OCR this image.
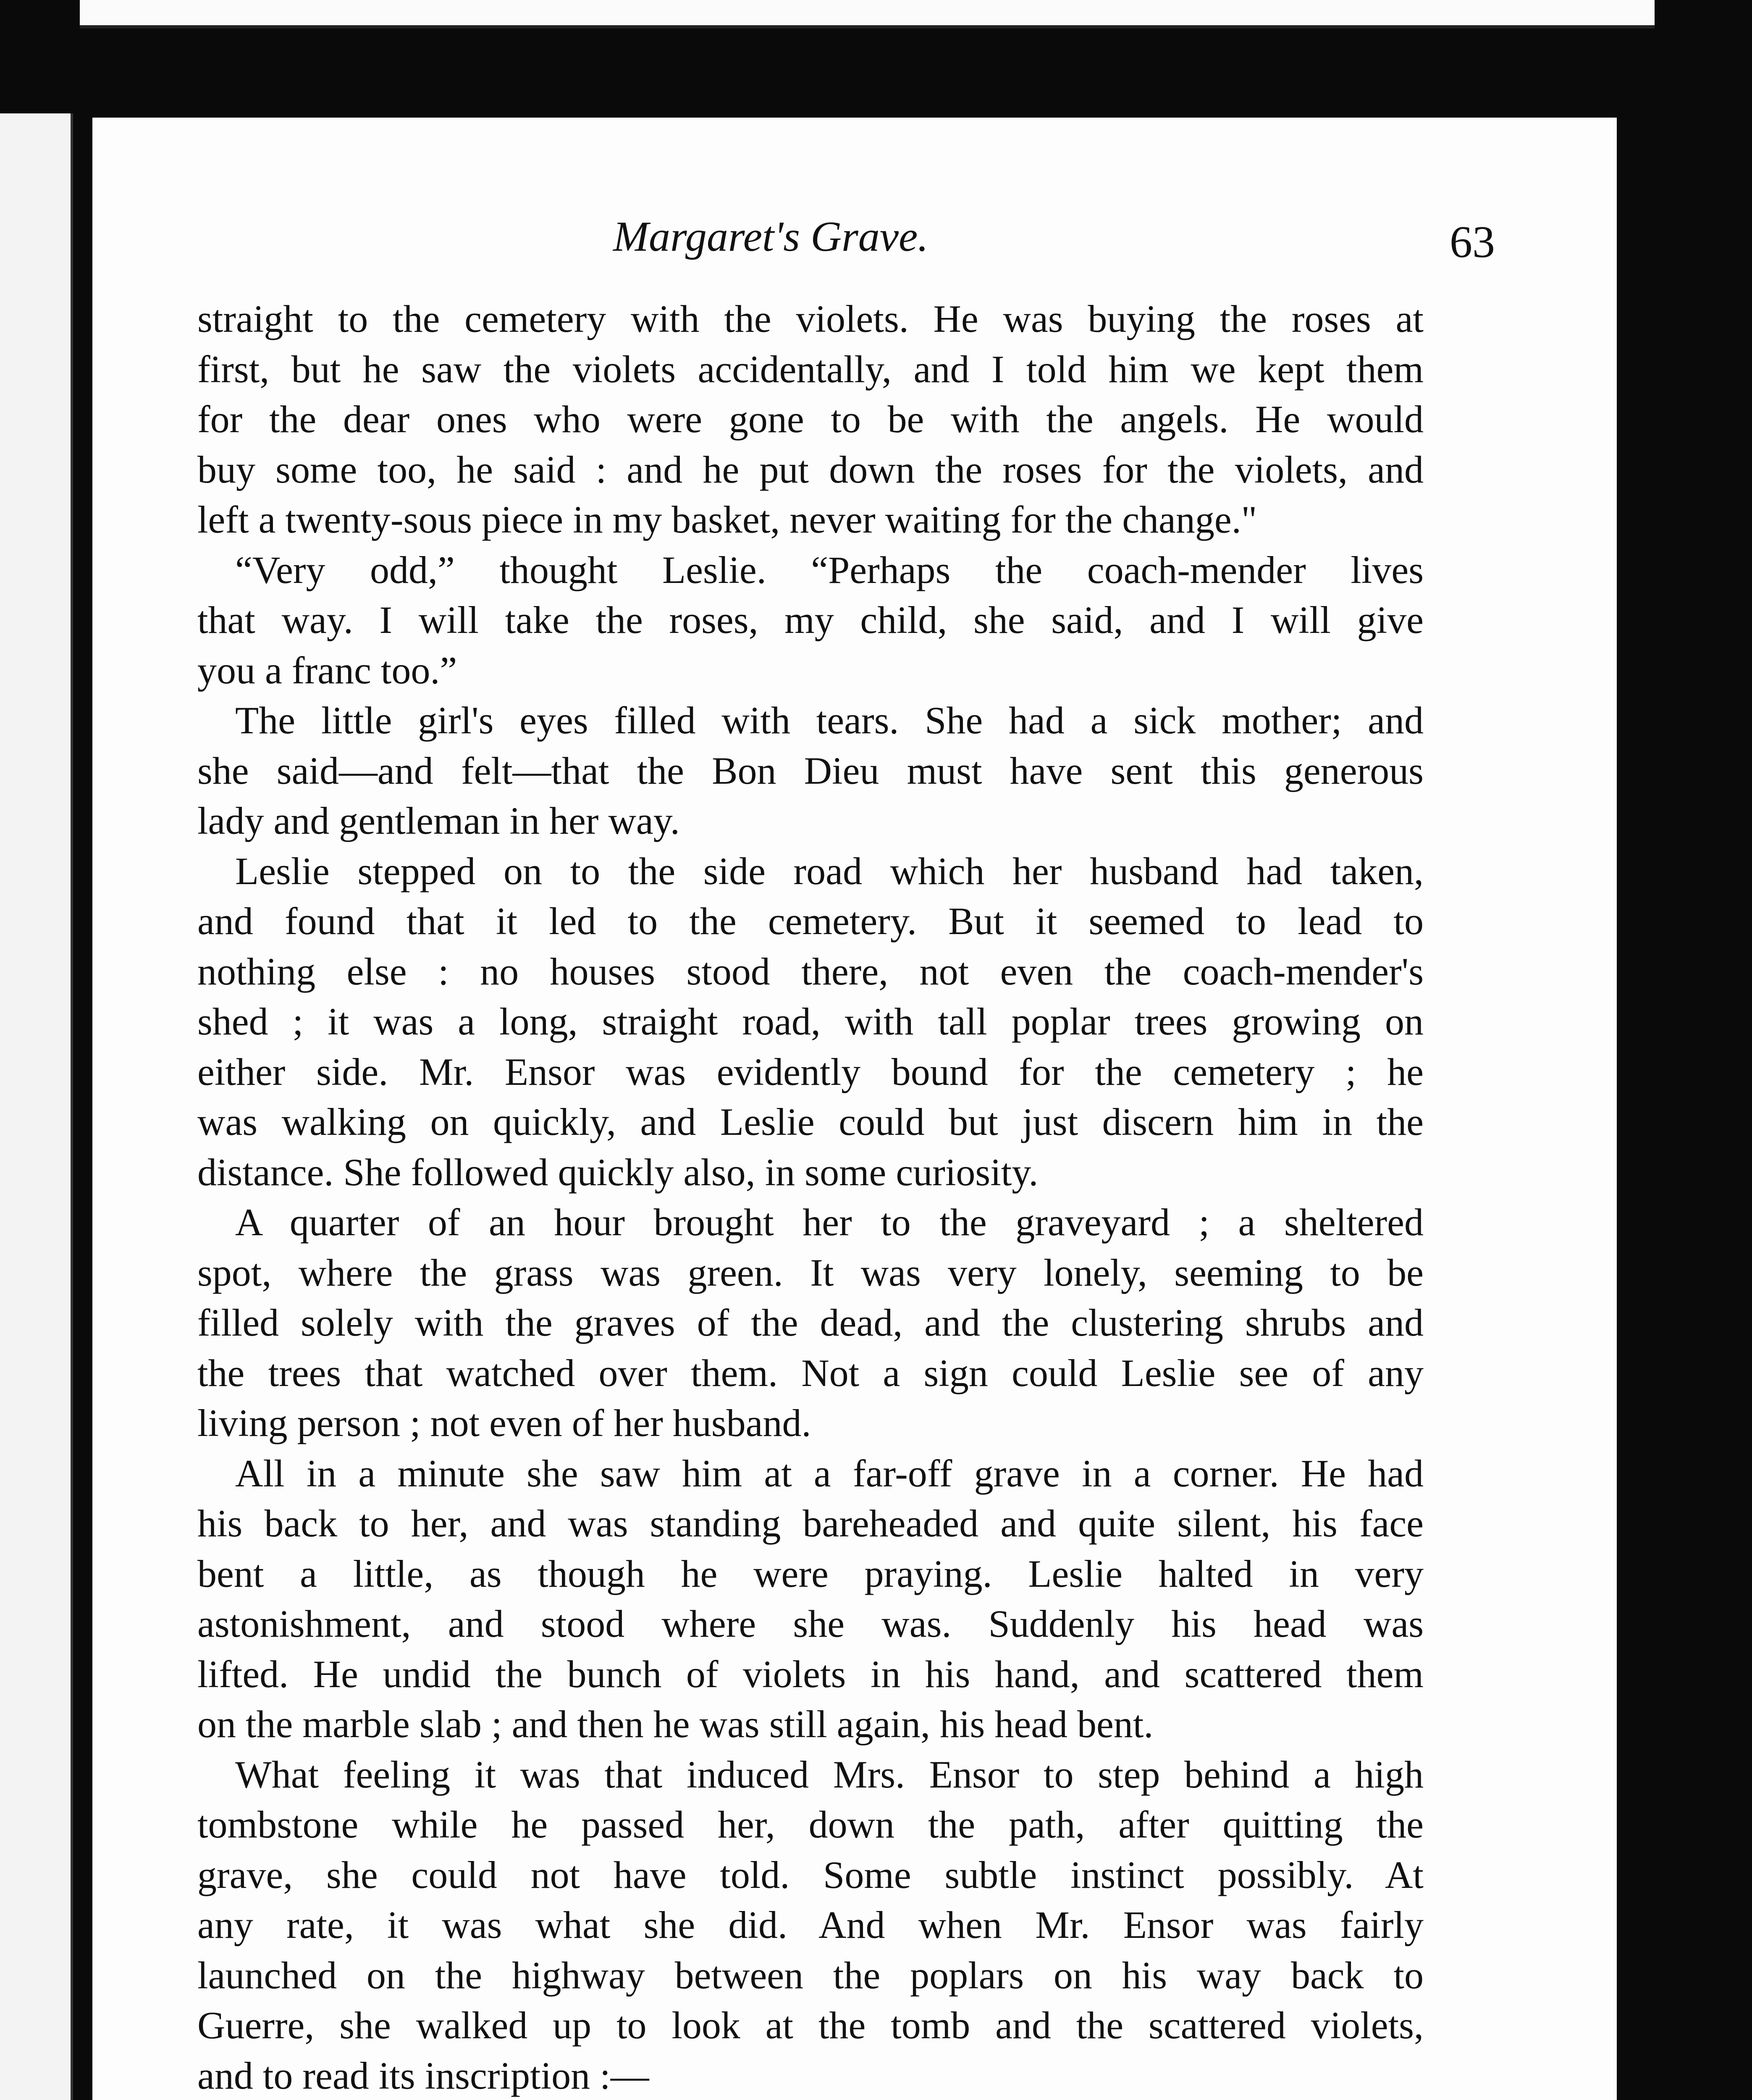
Margaret's Grave.	63
straight to the cemetery with the violets. He was buying the roses at
first, but he saw the violets accidentally, and I told him we kept them
for the dear ones who were gone to be with the angels. He would
buy some too, he said : and he put down the roses for the violets, and
left a twenty-sous piece in my basket, never waiting for the change."
“Very odd,” thought Leslie. “Perhaps the coach-mender lives
that way. I will take the roses, my child, she said, and I will give
you a franc too.”
The little girl's eyes filled with tears. She had a sick mother; and
she said—and felt—that the Bon Dieu must have sent this generous
lady and gentleman in her way.
Leslie stepped on to the side road which her husband had taken,
and found that it led to the cemetery. But it seemed to lead to
nothing else : no houses stood there, not even the coach-mender's
shed ; it was a long, straight road, with tall poplar trees growing on
either side. Mr. Ensor was evidently bound for the cemetery ; he
was walking on quickly, and Leslie could but just discern him in the
distance. She followed quickly also, in some curiosity.
A quarter of an hour brought her to the graveyard ; a sheltered
spot, where the grass was green. It was very lonely, seeming to be
filled solely with the graves of the dead, and the clustering shrubs and
the trees that watched over them. Not a sign could Leslie see of any
living person ; not even of her husband.
All in a minute she saw him at a far-off grave in a corner. He had
his back to her, and was standing bareheaded and quite silent, his face
bent a little, as though he were praying. Leslie halted in very
astonishment, and stood where she was. Suddenly his head was
lifted. He undid the bunch of violets in his hand, and scattered them
on the marble slab ; and then he was still again, his head bent.
What feeling it was that induced Mrs. Ensor to step behind a high
tombstone while he passed her, down the path, after quitting the
grave, she could not have told. Some subtle instinct possibly. At
any rate, it was what she did. And when Mr. Ensor was fairly
launched on the highway between the poplars on his way back to
Guerre, she walked up to look at the tomb and the scattered violets,
and to read its inscription :—
